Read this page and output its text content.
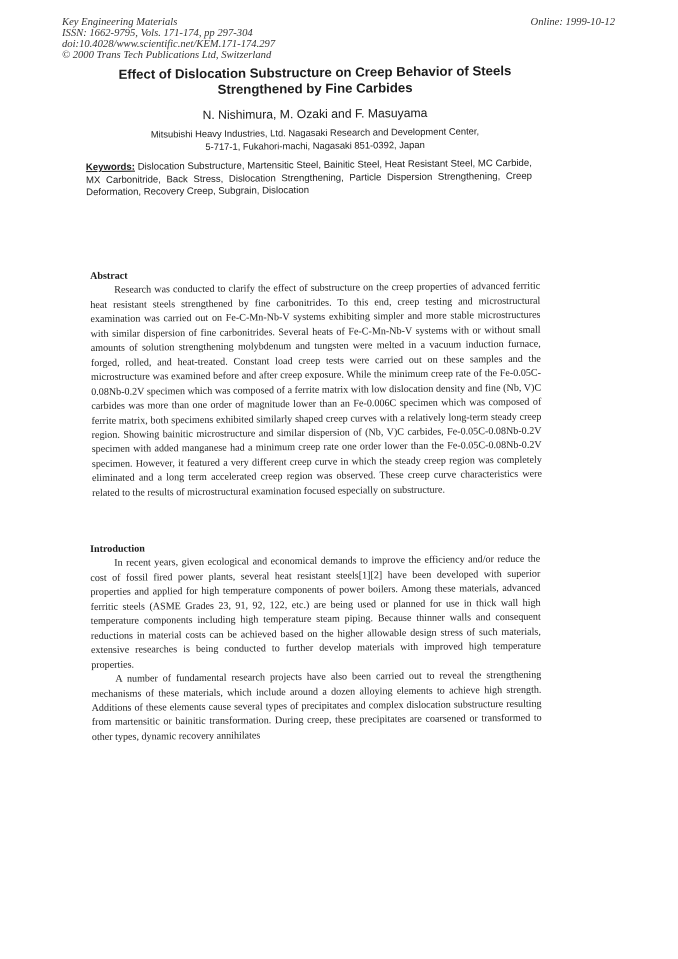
Key Engineering Materials
ISSN: 1662-9795, Vols. 171-174, pp 297-304
doi:10.4028/www.scientific.net/KEM.171-174.297
© 2000 Trans Tech Publications Ltd, Switzerland
Online: 1999-10-12
Effect of Dislocation Substructure on Creep Behavior of Steels
Strengthened by Fine Carbides
N. Nishimura, M. Ozaki and F. Masuyama
Mitsubishi Heavy Industries, Ltd. Nagasaki Research and Development Center,
5-717-1, Fukahori-machi, Nagasaki 851-0392, Japan
Keywords: Dislocation Substructure, Martensitic Steel, Bainitic Steel, Heat Resistant Steel, MC Carbide, MX Carbonitride, Back Stress, Dislocation Strengthening, Particle Dispersion Strengthening, Creep Deformation, Recovery Creep, Subgrain, Dislocation
Abstract
Research was conducted to clarify the effect of substructure on the creep properties of advanced ferritic heat resistant steels strengthened by fine carbonitrides. To this end, creep testing and microstructural examination was carried out on Fe-C-Mn-Nb-V systems exhibiting simpler and more stable microstructures with similar dispersion of fine carbonitrides. Several heats of Fe-C-Mn-Nb-V systems with or without small amounts of solution strengthening molybdenum and tungsten were melted in a vacuum induction furnace, forged, rolled, and heat-treated. Constant load creep tests were carried out on these samples and the microstructure was examined before and after creep exposure. While the minimum creep rate of the Fe-0.05C-0.08Nb-0.2V specimen which was composed of a ferrite matrix with low dislocation density and fine (Nb, V)C carbides was more than one order of magnitude lower than an Fe-0.006C specimen which was composed of ferrite matrix, both specimens exhibited similarly shaped creep curves with a relatively long-term steady creep region. Showing bainitic microstructure and similar dispersion of (Nb, V)C carbides, Fe-0.05C-0.08Nb-0.2V specimen with added manganese had a minimum creep rate one order lower than the Fe-0.05C-0.08Nb-0.2V specimen. However, it featured a very different creep curve in which the steady creep region was completely eliminated and a long term accelerated creep region was observed. These creep curve characteristics were related to the results of microstructural examination focused especially on substructure.
Introduction
In recent years, given ecological and economical demands to improve the efficiency and/or reduce the cost of fossil fired power plants, several heat resistant steels[1][2] have been developed with superior properties and applied for high temperature components of power boilers. Among these materials, advanced ferritic steels (ASME Grades 23, 91, 92, 122, etc.) are being used or planned for use in thick wall high temperature components including high temperature steam piping. Because thinner walls and consequent reductions in material costs can be achieved based on the higher allowable design stress of such materials, extensive researches is being conducted to further develop materials with improved high temperature properties.
A number of fundamental research projects have also been carried out to reveal the strengthening mechanisms of these materials, which include around a dozen alloying elements to achieve high strength. Additions of these elements cause several types of precipitates and complex dislocation substructure resulting from martensitic or bainitic transformation. During creep, these precipitates are coarsened or transformed to other types, dynamic recovery annihilates
